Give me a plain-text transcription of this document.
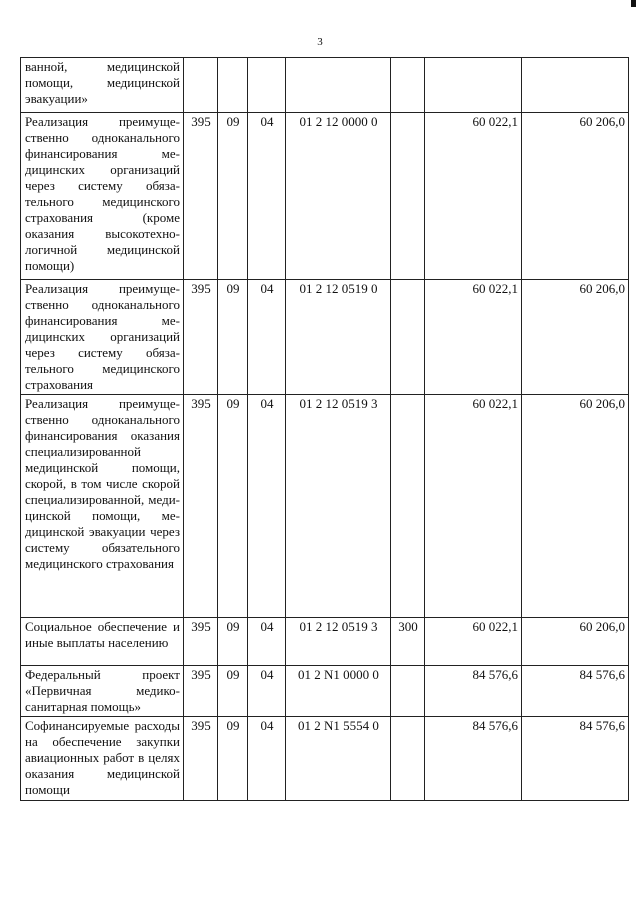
3
ванной, медицинской помощи, медицинской эвакуации»							
Реализация преимущественно одноканального финансирования медицинских организаций через систему обязательного медицинского страхования (кроме оказания высокотехнологичной медицинской помощи)	395	09	04	01 2 12 0000 0		60 022,1	60 206,0
Реализация преимущественно одноканального финансирования медицинских организаций через систему обязательного медицинского страхования	395	09	04	01 2 12 0519 0		60 022,1	60 206,0
Реализация преимущественно одноканального финансирования оказания специализированной медицинской помощи, скорой, в том числе скорой специализированной, медицинской помощи, медицинской эвакуации через систему обязательного медицинского страхования	395	09	04	01 2 12 0519 3		60 022,1	60 206,0
Социальное обеспечение и иные выплаты населению	395	09	04	01 2 12 0519 3	300	60 022,1	60 206,0
Федеральный проект «Первичная медико-санитарная помощь»	395	09	04	01 2 N1 0000 0		84 576,6	84 576,6
Софинансируемые расходы на обеспечение закупки авиационных работ в целях оказания медицинской помощи	395	09	04	01 2 N1 5554 0		84 576,6	84 576,6
